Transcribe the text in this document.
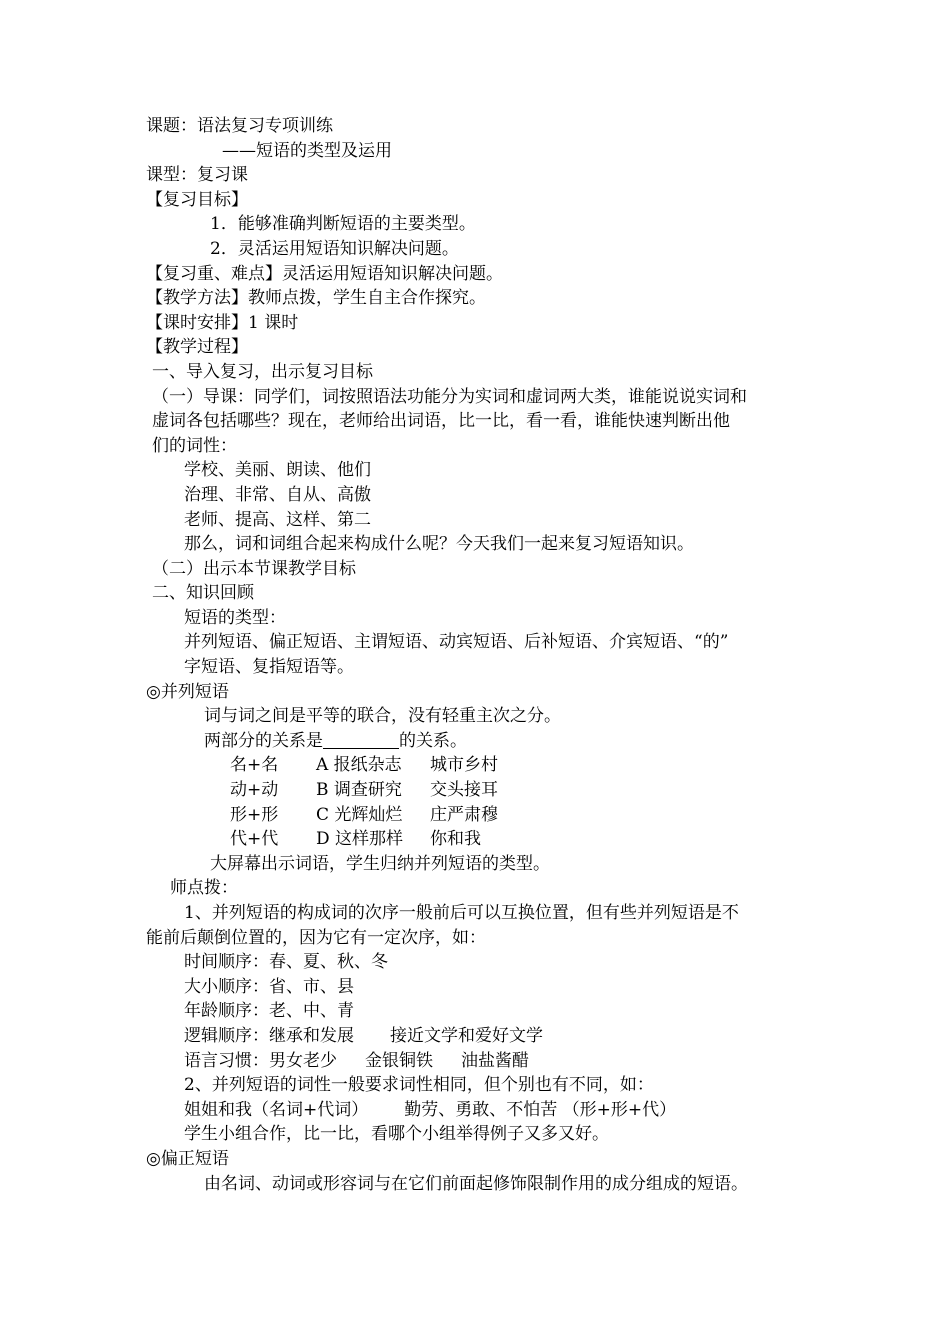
课题：语法复习专项训练
——短语的类型及运用
课型：复习课
【复习目标】
1．能够准确判断短语的主要类型。
2．灵活运用短语知识解决问题。
【复习重、难点】灵活运用短语知识解决问题。
【教学方法】教师点拨，学生自主合作探究。
【课时安排】1 课时
【教学过程】
一、导入复习，出示复习目标
（一）导课：同学们，词按照语法功能分为实词和虚词两大类，谁能说说实词和
虚词各包括哪些？现在，老师给出词语，比一比，看一看，谁能快速判断出他
们的词性：
学校、美丽、朗读、他们
治理、非常、自从、高傲
老师、提高、这样、第二
那么，词和词组合起来构成什么呢？今天我们一起来复习短语知识。
（二）出示本节课教学目标
二、知识回顾
短语的类型：
并列短语、偏正短语、主谓短语、动宾短语、后补短语、介宾短语、“的”
字短语、复指短语等。
◎并列短语
词与词之间是平等的联合，没有轻重主次之分。
两部分的关系是	的关系。
名+名 A 报纸杂志 城市乡村
动+动 B 调查研究 交头接耳
形+形 C 光辉灿烂 庄严肃穆
代+代 D 这样那样 你和我
大屏幕出示词语，学生归纳并列短语的类型。
师点拨：
1、并列短语的构成词的次序一般前后可以互换位置，但有些并列短语是不
能前后颠倒位置的，因为它有一定次序，如：
时间顺序：春、夏、秋、冬
大小顺序：省、市、县
年龄顺序：老、中、青
逻辑顺序：继承和发展 接近文学和爱好文学
语言习惯：男女老少 金银铜铁 油盐酱醋
2、并列短语的词性一般要求词性相同，但个别也有不同，如：
姐姐和我（名词+代词） 勤劳、勇敢、不怕苦 （形+形+代）
学生小组合作，比一比，看哪个小组举得例子又多又好。
◎偏正短语
由名词、动词或形容词与在它们前面起修饰限制作用的成分组成的短语。
